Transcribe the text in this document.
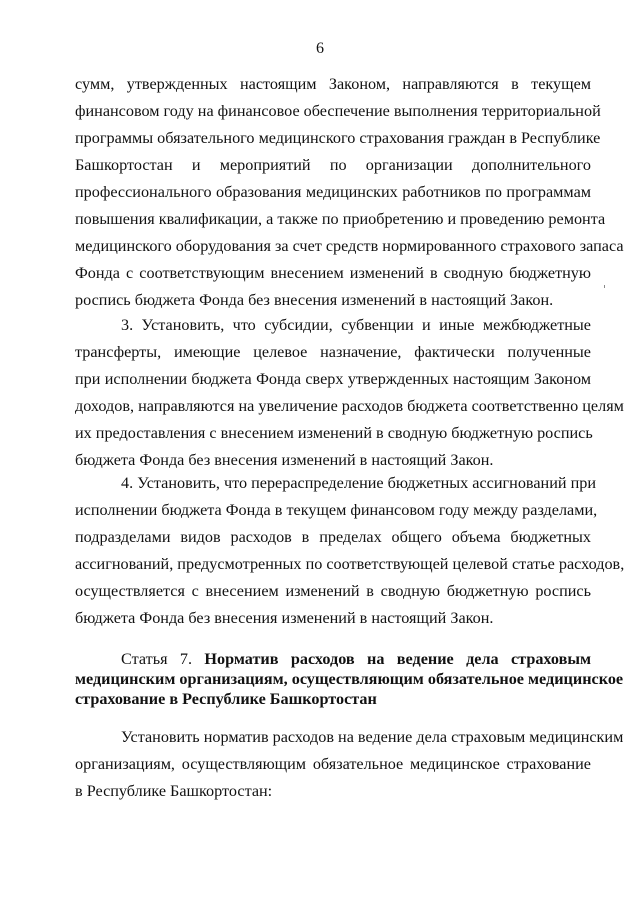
6
сумм, утвержденных настоящим Законом, направляются в текущем
финансовом году на финансовое обеспечение выполнения территориальной
программы обязательного медицинского страхования граждан в Республике
Башкортостан и мероприятий по организации дополнительного
профессионального образования медицинских работников по программам
повышения квалификации, а также по приобретению и проведению ремонта
медицинского оборудования за счет средств нормированного страхового запаса
Фонда с соответствующим внесением изменений в сводную бюджетную
роспись бюджета Фонда без внесения изменений в настоящий Закон.
3. Установить, что субсидии, субвенции и иные межбюджетные
трансферты, имеющие целевое назначение, фактически полученные
при исполнении бюджета Фонда сверх утвержденных настоящим Законом
доходов, направляются на увеличение расходов бюджета соответственно целям
их предоставления с внесением изменений в сводную бюджетную роспись
бюджета Фонда без внесения изменений в настоящий Закон.
4. Установить, что перераспределение бюджетных ассигнований при
исполнении бюджета Фонда в текущем финансовом году между разделами,
подразделами видов расходов в пределах общего объема бюджетных
ассигнований, предусмотренных по соответствующей целевой статье расходов,
осуществляется с внесением изменений в сводную бюджетную роспись
бюджета Фонда без внесения изменений в настоящий Закон.
Статья 7. Норматив расходов на ведение дела страховым
медицинским организациям, осуществляющим обязательное медицинское
страхование в Республике Башкортостан
Установить норматив расходов на ведение дела страховым медицинским
организациям, осуществляющим обязательное медицинское страхование
в Республике Башкортостан:
